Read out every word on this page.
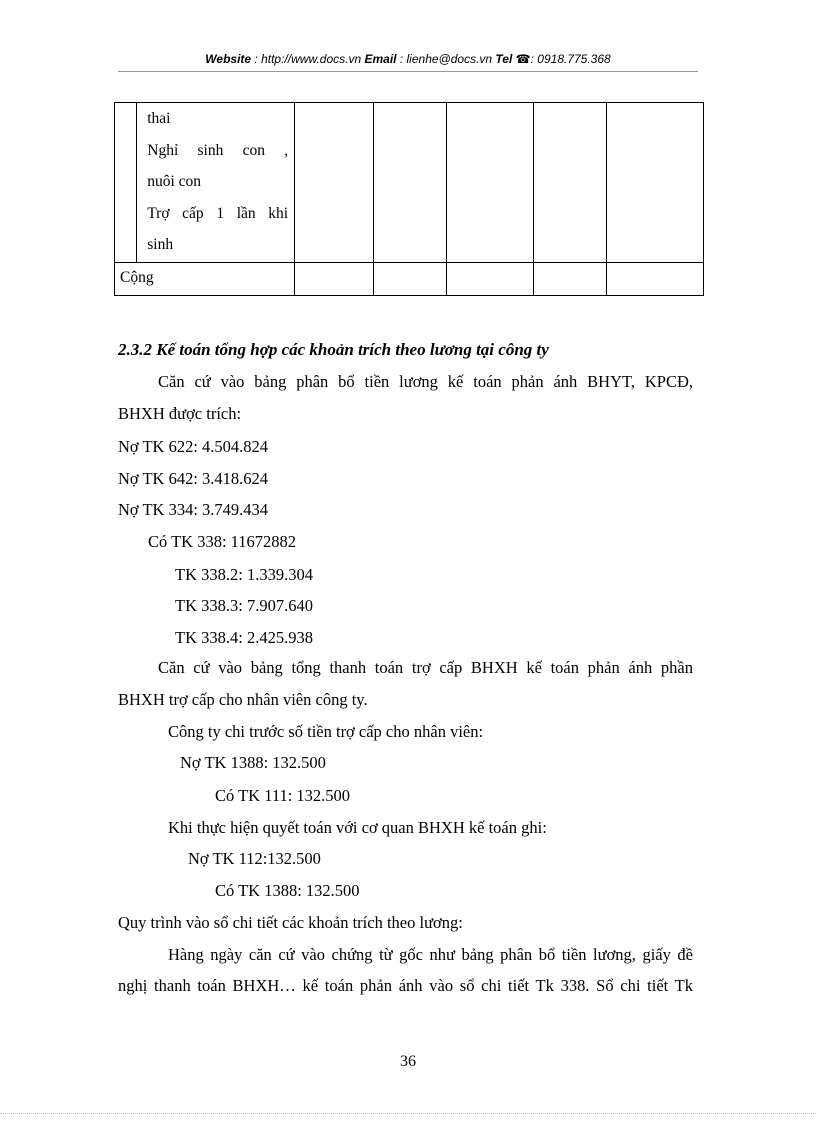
Website : http://www.docs.vn Email : lienhe@docs.vn Tel ☎: 0918.775.368

	thai
Nghỉ sinh con ,
nuôi con
Trợ cấp 1 lần khi
sinh					

Cộng						

2.3.2 Kế toán tổng hợp các khoản trích theo lương tại công ty
Căn cứ vào bảng phân bổ tiền lương kế toán phản ánh BHYT, KPCĐ,
BHXH được trích:
Nợ TK 622: 4.504.824
Nợ TK 642: 3.418.624
Nợ TK 334: 3.749.434
Có TK 338: 11672882
TK 338.2: 1.339.304
TK 338.3: 7.907.640
TK 338.4: 2.425.938
Căn cứ vào bảng tổng thanh toán trợ cấp BHXH kế toán phản ánh phần
BHXH trợ cấp cho nhân viên công ty.
Công ty chi trước số tiền trợ cấp cho nhân viên:
Nợ TK 1388: 132.500
Có TK 111: 132.500
Khi thực hiện quyết toán với cơ quan BHXH kế toán ghi:
Nợ TK 112:132.500
Có TK 1388: 132.500
Quy trình vào sổ chi tiết các khoản trích theo lương:
Hàng ngày căn cứ vào chứng từ gốc như bảng phân bổ tiền lương, giấy đề
nghị thanh toán BHXH… kế toán phản ánh vào sổ chi tiết Tk 338. Sổ chi tiết Tk
36
